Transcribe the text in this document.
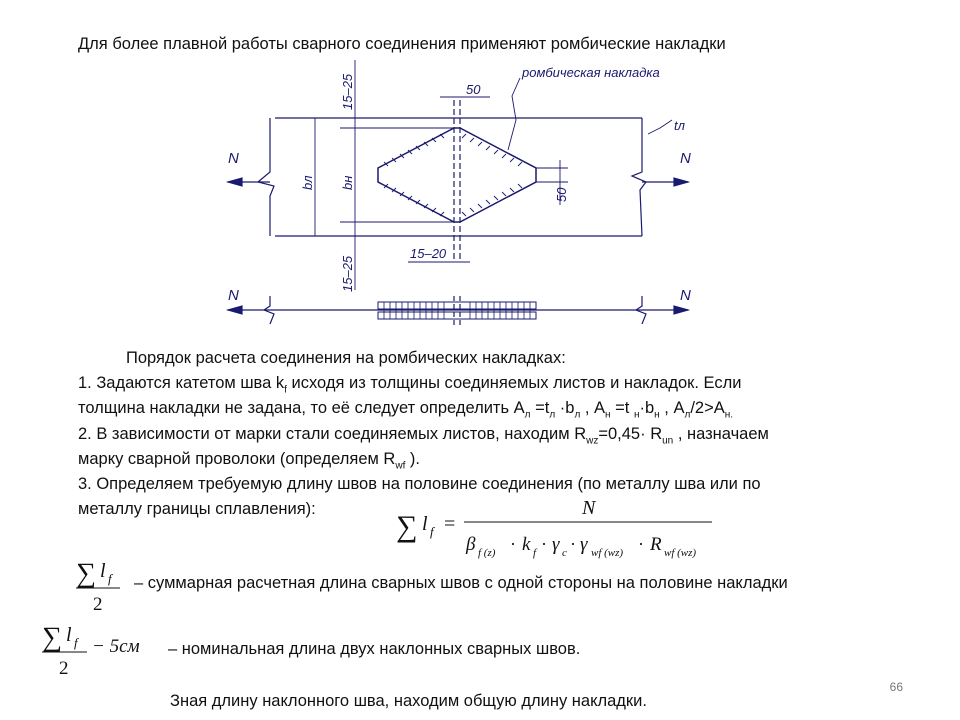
Для более плавной работы сварного соединения применяют ромбические накладки
ромбическая накладка
50
15–20
15–25
15–25
bл bн
50
tл
N	N
N	N
∑ l f =
N
β f (z) · k f · γ c · γ wf (wz) · R wf (wz)
∑ l f
2
∑ l f
2
− 5см
Порядок расчета соединения на ромбических накладках:
1. Задаются катетом шва $k_f$ исходя из толщины соединяемых листов и накладок. Если
толщина накладки не задана, то её следует определить $A_л =t_л \cdot b_л$ , $A_н =t$ $_н\cdot b_н$ , $A_л/2>A_{н.}$
2. В зависимости от марки стали соединяемых листов, находим $R_{wz}=0,45\cdot R_{un}$ , назначаем
марку сварной проволоки (определяем $R_{wf}$ ).
3. Определяем требуемую длину швов на половине соединения (по металлу шва или по
металлу границы сплавления):
– суммарная расчетная длина сварных швов с одной стороны на половине накладки
– номинальная длина двух наклонных сварных швов.
Зная длину наклонного шва, находим общую длину накладки.
66
